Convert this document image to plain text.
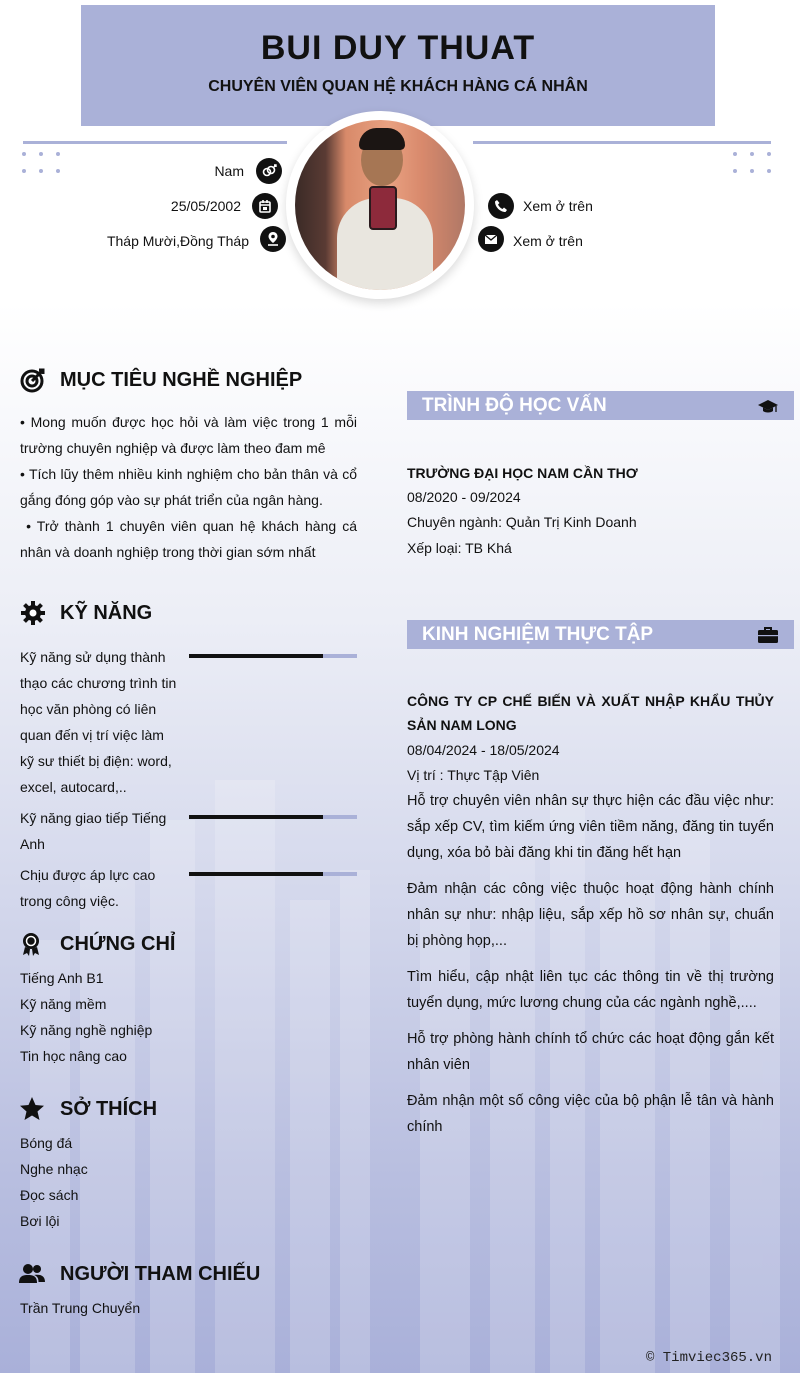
BUI DUY THUAT
CHUYÊN VIÊN QUAN HỆ KHÁCH HÀNG CÁ NHÂN
Nam
25/05/2002
Tháp Mười,Đồng Tháp
Xem ở trên
Xem ở trên
MỤC TIÊU NGHỀ NGHIỆP
• Mong muốn được học hỏi và làm việc trong 1 mỗi trường chuyên nghiệp và được làm theo đam mê
• Tích lũy thêm nhiều kinh nghiệm cho bản thân và cổ gắng đóng góp vào sự phát triển của ngân hàng.
• Trở thành 1 chuyên viên quan hệ khách hàng cá nhân và doanh nghiệp trong thời gian sớm nhất
KỸ NĂNG
Kỹ năng sử dụng thành thạo các chương trình tin học văn phòng có liên quan đến vị trí việc làm kỹ sư thiết bị điện: word, excel, autocard,..
Kỹ năng giao tiếp Tiếng Anh
Chịu được áp lực cao trong công việc.
CHỨNG CHỈ
Tiếng Anh B1
Kỹ năng mềm
Kỹ năng nghề nghiệp
Tin học nâng cao
SỞ THÍCH
Bóng đá
Nghe nhạc
Đọc sách
Bơi lội
NGƯỜI THAM CHIẾU
Trần Trung Chuyển
TRÌNH ĐỘ HỌC VẤN
TRƯỜNG ĐẠI HỌC NAM CẦN THƠ
08/2020 - 09/2024
Chuyên ngành: Quản Trị Kinh Doanh
Xếp loại: TB Khá
KINH NGHIỆM THỰC TẬP
CÔNG TY CP CHẾ BIẾN VÀ XUẤT NHẬP KHẨU THỦY SẢN NAM LONG
08/04/2024 - 18/05/2024
Vị trí : Thực Tập Viên
Hỗ trợ chuyên viên nhân sự thực hiện các đầu việc như: sắp xếp CV, tìm kiếm ứng viên tiềm năng, đăng tin tuyển dụng, xóa bỏ bài đăng khi tin đăng hết hạn
Đảm nhận các công việc thuộc hoạt động hành chính nhân sự như: nhập liệu, sắp xếp hồ sơ nhân sự, chuẩn bị phòng họp,...
Tìm hiểu, cập nhật liên tục các thông tin về thị trường tuyển dụng, mức lương chung của các ngành nghề,....
Hỗ trợ phòng hành chính tổ chức các hoạt động gắn kết nhân viên
Đảm nhận một số công việc của bộ phận lễ tân và hành chính
© Timviec365.vn
